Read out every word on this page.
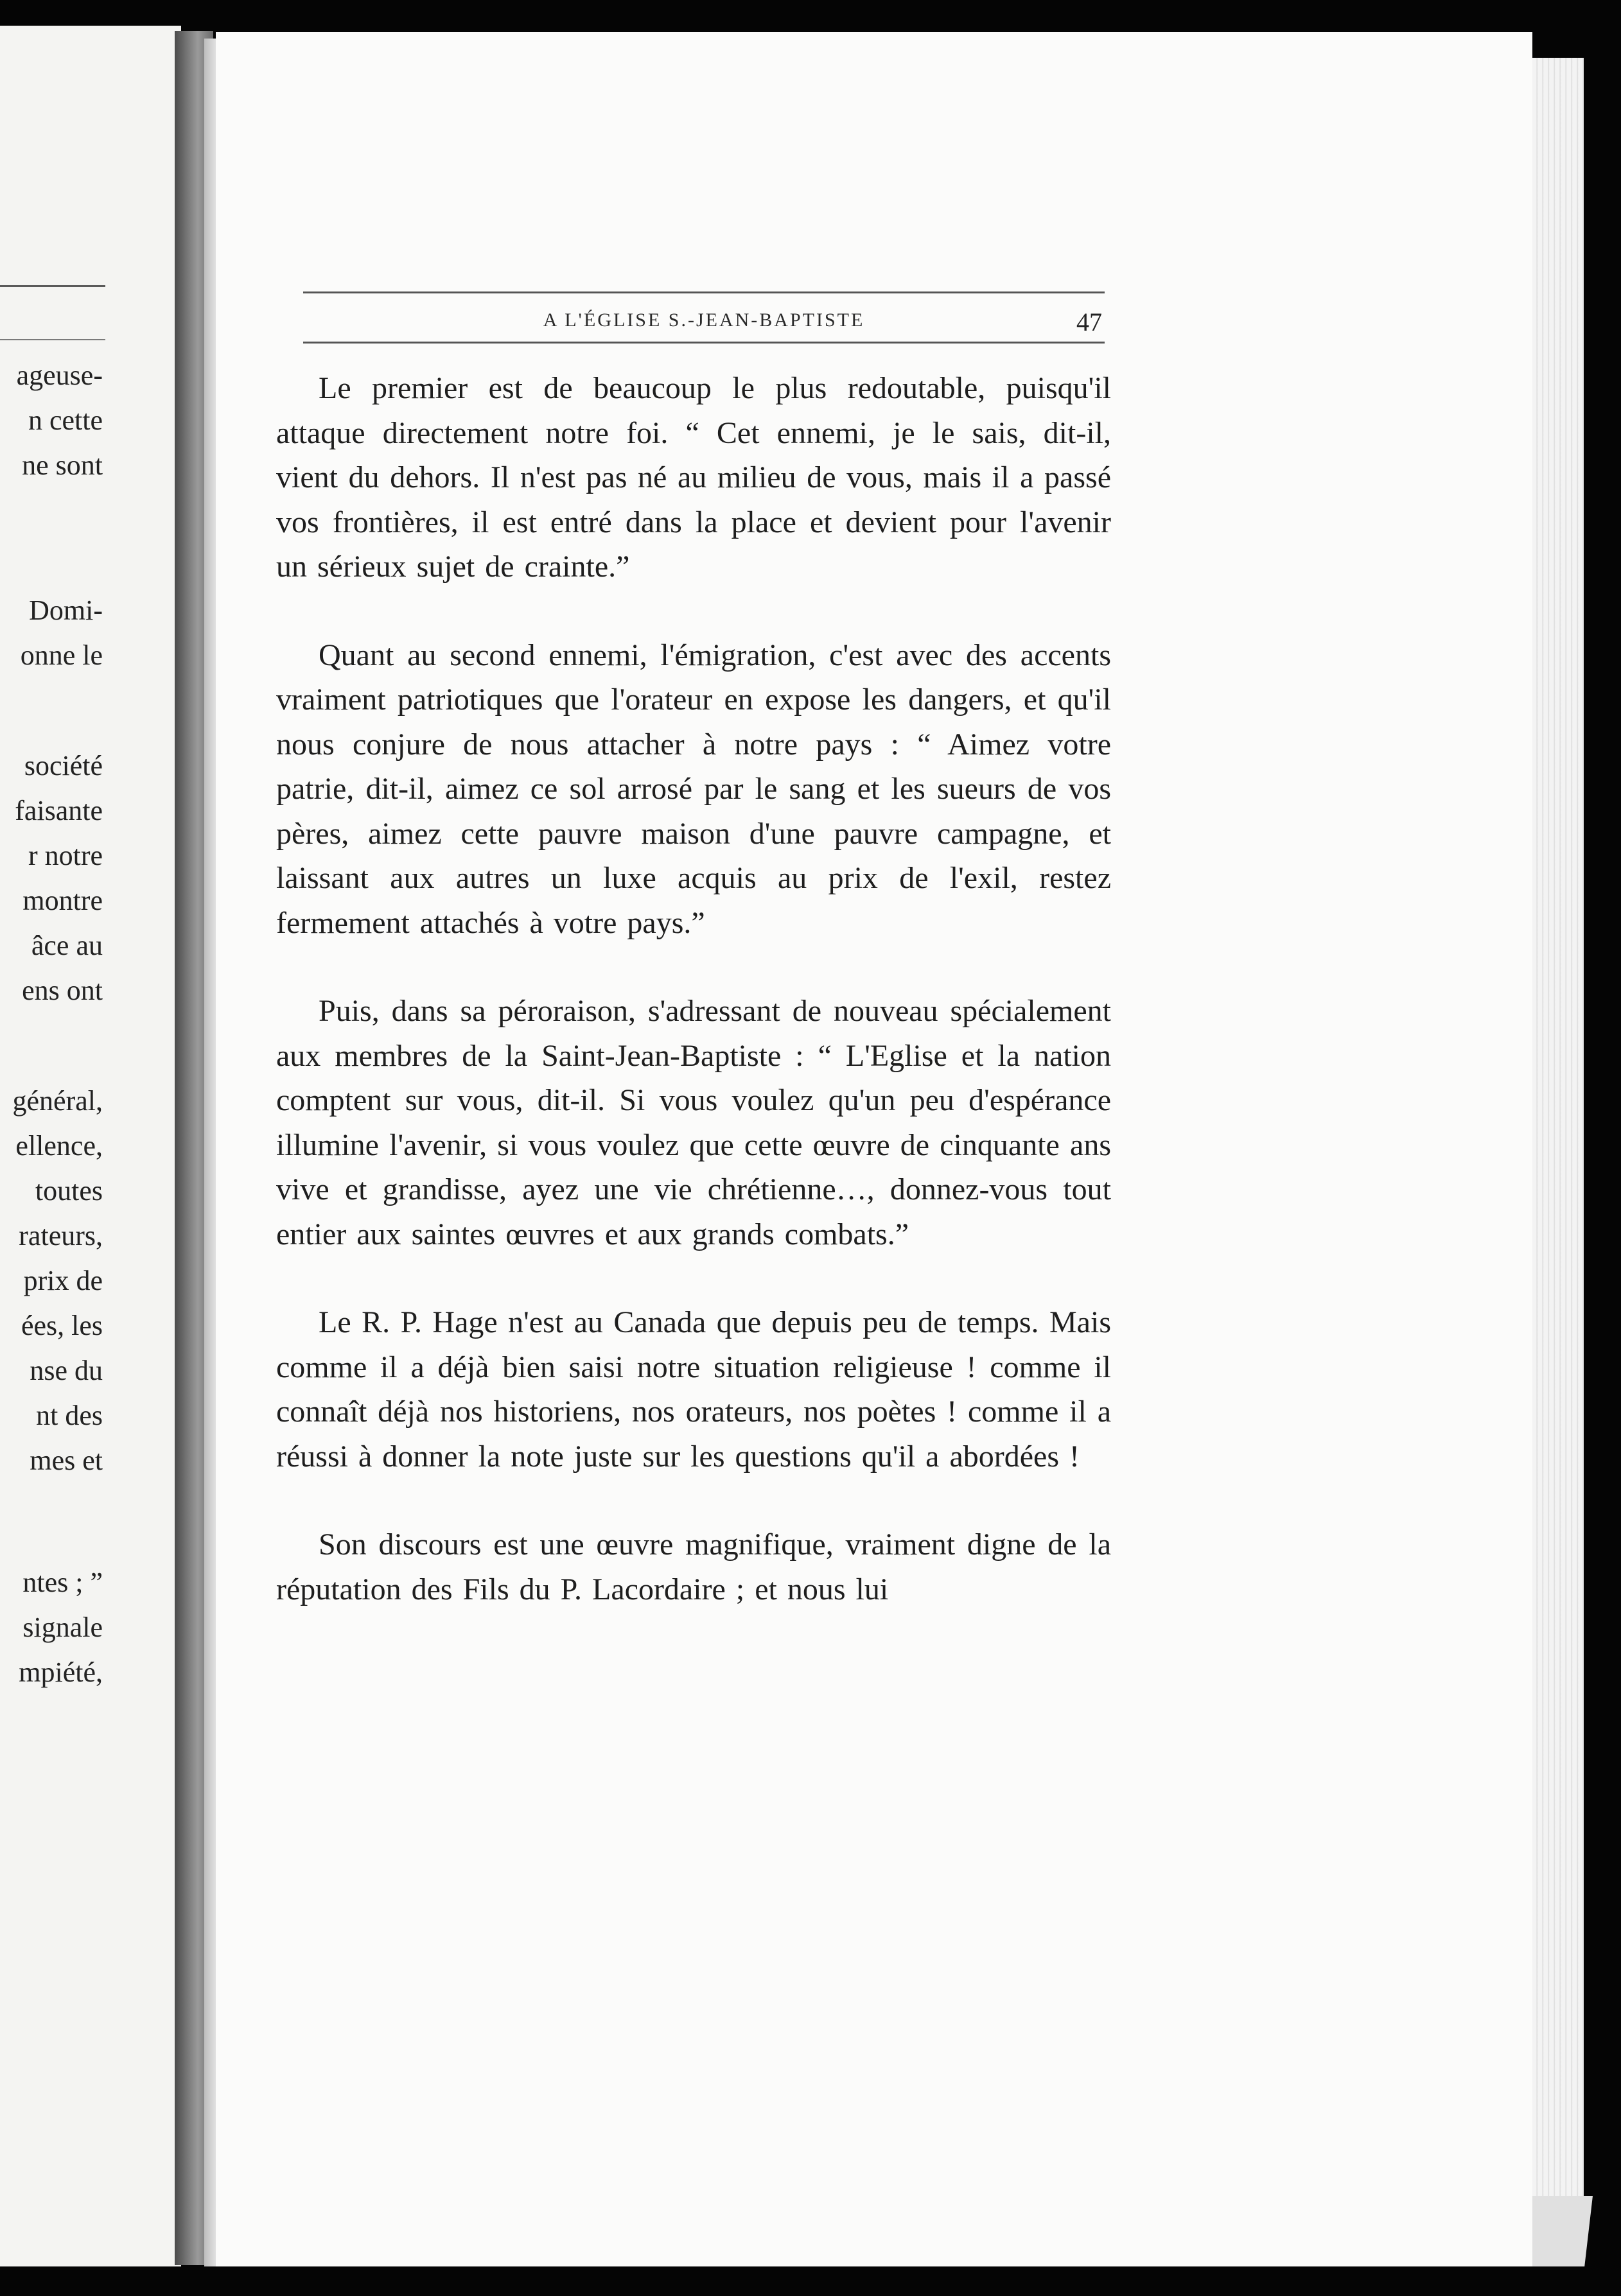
ageuse-
n cette
ne sont
Domi-
onne le
société
faisante
r notre
montre
âce au
ens ont
général,
ellence,
toutes
rateurs,
prix de
ées, les
nse du
nt des
mes et
ntes ; ”
signale
mpiété,
A L'ÉGLISE S.-JEAN-BAPTISTE	47

Le premier est de beaucoup le plus redoutable, puisqu'il attaque directement notre foi. “ Cet ennemi, je le sais, dit-il, vient du dehors. Il n'est pas né au milieu de vous, mais il a passé vos frontières, il est entré dans la place et devient pour l'avenir un sérieux sujet de crainte.”

Quant au second ennemi, l'émigration, c'est avec des accents vraiment patriotiques que l'orateur en expose les dangers, et qu'il nous conjure de nous attacher à notre pays : “ Aimez votre patrie, dit-il, aimez ce sol arrosé par le sang et les sueurs de vos pères, aimez cette pauvre maison d'une pauvre campagne, et laissant aux autres un luxe acquis au prix de l'exil, restez fermement attachés à votre pays.”

Puis, dans sa péroraison, s'adressant de nouveau spécialement aux membres de la Saint-Jean-Baptiste : “ L'Eglise et la nation comptent sur vous, dit-il. Si vous voulez qu'un peu d'espérance illumine l'avenir, si vous voulez que cette œuvre de cinquante ans vive et grandisse, ayez une vie chrétienne…, donnez-vous tout entier aux saintes œuvres et aux grands combats.”

Le R. P. Hage n'est au Canada que depuis peu de temps. Mais comme il a déjà bien saisi notre situation religieuse ! comme il connaît déjà nos historiens, nos orateurs, nos poètes ! comme il a réussi à donner la note juste sur les questions qu'il a abordées !

Son discours est une œuvre magnifique, vraiment digne de la réputation des Fils du P. Lacordaire ; et nous lui
